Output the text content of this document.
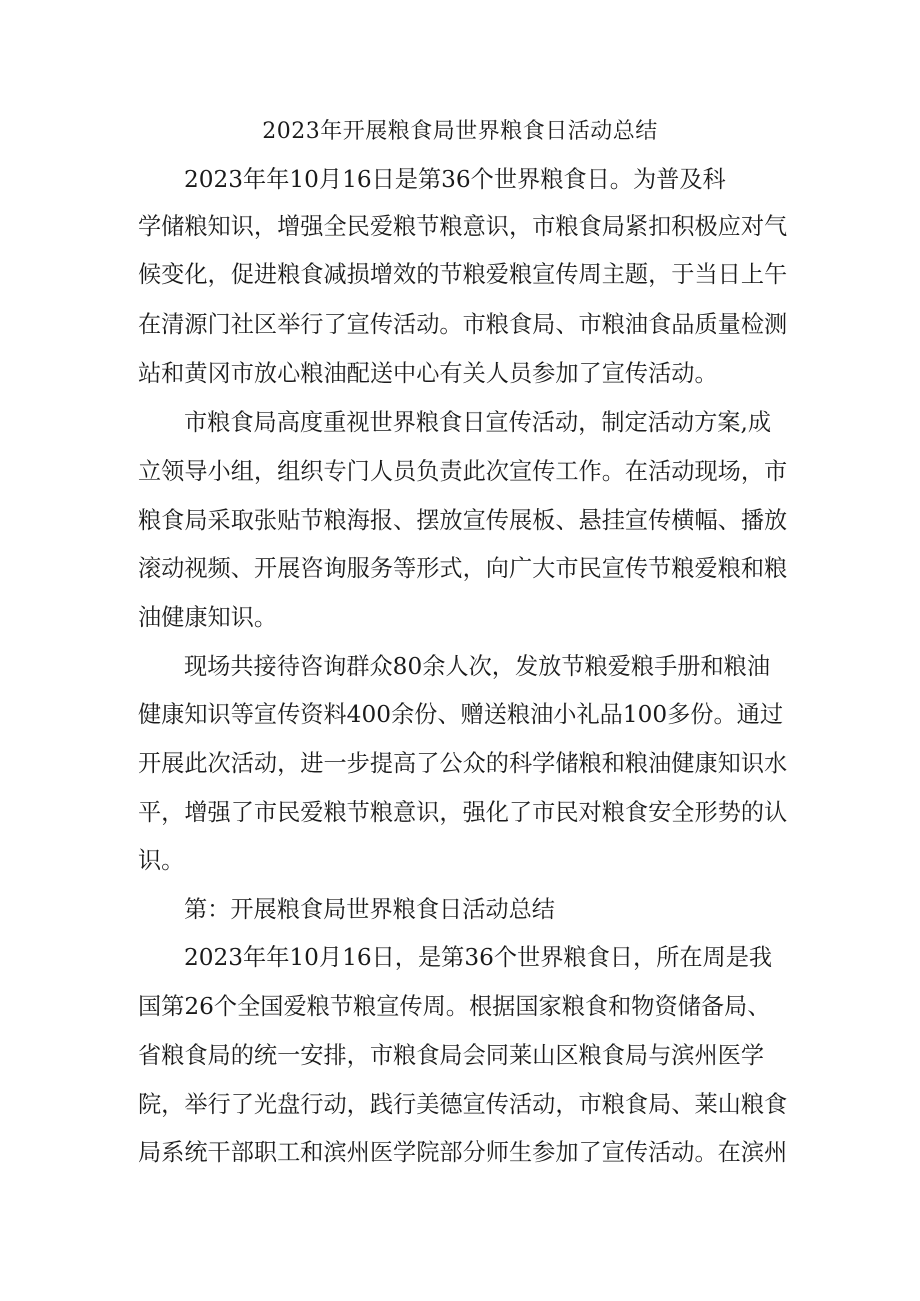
2023年开展粮食局世界粮食日活动总结

2023年年10月16日是第36个世界粮食日。为普及科

学储粮知识，增强全民爱粮节粮意识，市粮食局紧扣积极应对气

候变化，促进粮食减损增效的节粮爱粮宣传周主题，于当日上午

在清源门社区举行了宣传活动。市粮食局、市粮油食品质量检测

站和黄冈市放心粮油配送中心有关人员参加了宣传活动。

市粮食局高度重视世界粮食日宣传活动，制定活动方案,成

立领导小组，组织专门人员负责此次宣传工作。在活动现场，市

粮食局采取张贴节粮海报、摆放宣传展板、悬挂宣传横幅、播放

滚动视频、开展咨询服务等形式，向广大市民宣传节粮爱粮和粮

油健康知识。

现场共接待咨询群众80余人次，发放节粮爱粮手册和粮油

健康知识等宣传资料400余份、赠送粮油小礼品100多份。通过

开展此次活动，进一步提高了公众的科学储粮和粮油健康知识水

平，增强了市民爱粮节粮意识，强化了市民对粮食安全形势的认

识。

第：开展粮食局世界粮食日活动总结

2023年年10月16日，是第36个世界粮食日，所在周是我

国第26个全国爱粮节粮宣传周。根据国家粮食和物资储备局、

省粮食局的统一安排，市粮食局会同莱山区粮食局与滨州医学

院，举行了光盘行动，践行美德宣传活动，市粮食局、莱山粮食

局系统干部职工和滨州医学院部分师生参加了宣传活动。在滨州
